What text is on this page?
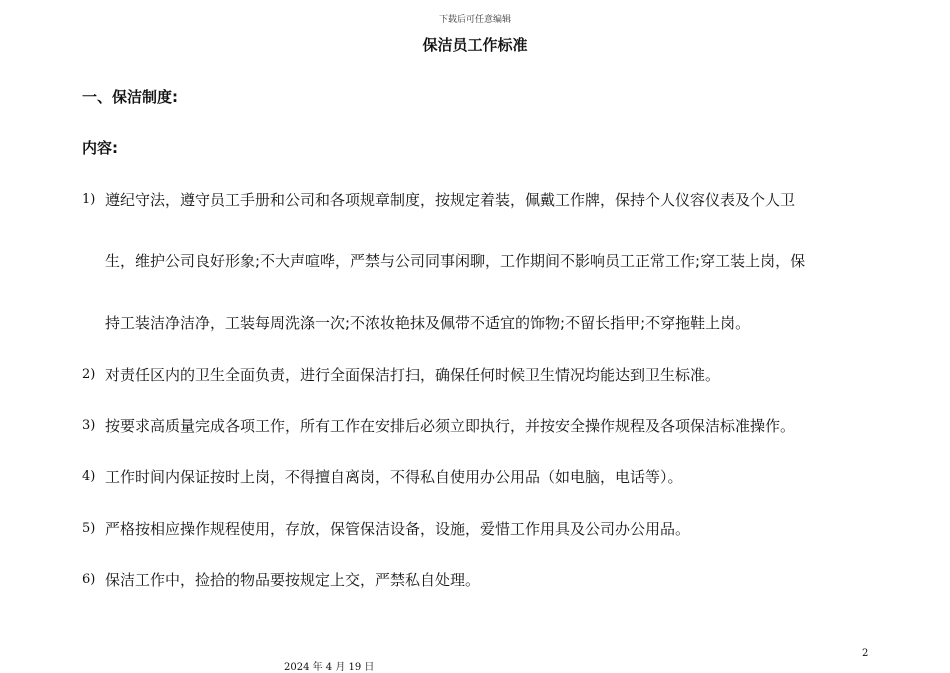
下载后可任意编辑
保洁员工作标准
一、保洁制度:
内容:
1) 遵纪守法，遵守员工手册和公司和各项规章制度，按规定着装，佩戴工作牌，保持个人仪容仪表及个人卫
生，维护公司良好形象;不大声喧哗，严禁与公司同事闲聊，工作期间不影响员工正常工作;穿工装上岗，保
持工装洁净洁净，工装每周洗涤一次;不浓妆艳抹及佩带不适宜的饰物;不留长指甲;不穿拖鞋上岗。
2) 对责任区内的卫生全面负责，进行全面保洁打扫，确保任何时候卫生情况均能达到卫生标准。
3) 按要求高质量完成各项工作，所有工作在安排后必须立即执行，并按安全操作规程及各项保洁标准操作。
4) 工作时间内保证按时上岗，不得擅自离岗，不得私自使用办公用品（如电脑，电话等）。
5) 严格按相应操作规程使用，存放，保管保洁设备，设施，爱惜工作用具及公司办公用品。
6) 保洁工作中，捡拾的物品要按规定上交，严禁私自处理。
2
2024 年 4 月 19 日
